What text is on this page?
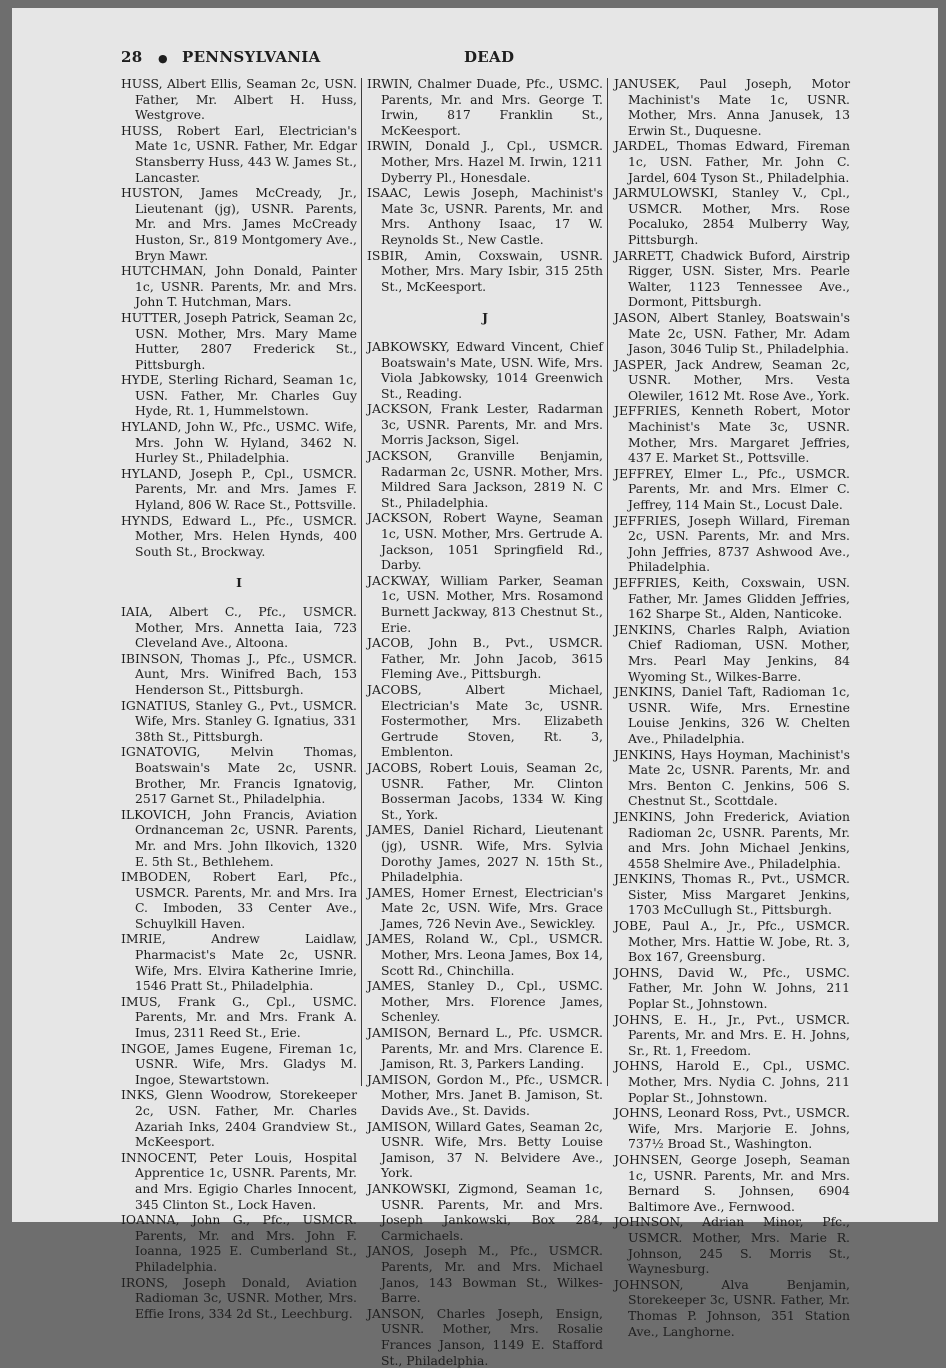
28 ● PENNSYLVANIA	DEAD

HUSS, Albert Ellis, Seaman 2c, USN. Father, Mr. Albert H. Huss, Westgrove.

HUSS, Robert Earl, Electrician's Mate 1c, USNR. Father, Mr. Edgar Stansberry Huss, 443 W. James St., Lancaster.

HUSTON, James McCready, Jr., Lieutenant (jg), USNR. Parents, Mr. and Mrs. James McCready Huston, Sr., 819 Montgomery Ave., Bryn Mawr.

HUTCHMAN, John Donald, Painter 1c, USNR. Parents, Mr. and Mrs. John T. Hutchman, Mars.

HUTTER, Joseph Patrick, Seaman 2c, USN. Mother, Mrs. Mary Mame Hutter, 2807 Frederick St., Pittsburgh.

HYDE, Sterling Richard, Seaman 1c, USN. Father, Mr. Charles Guy Hyde, Rt. 1, Hummelstown.

HYLAND, John W., Pfc., USMC. Wife, Mrs. John W. Hyland, 3462 N. Hurley St., Philadelphia.

HYLAND, Joseph P., Cpl., USMCR. Parents, Mr. and Mrs. James F. Hyland, 806 W. Race St., Pottsville.

HYNDS, Edward L., Pfc., USMCR. Mother, Mrs. Helen Hynds, 400 South St., Brockway.

I

IAIA, Albert C., Pfc., USMCR. Mother, Mrs. Annetta Iaia, 723 Cleveland Ave., Altoona.

IBINSON, Thomas J., Pfc., USMCR. Aunt, Mrs. Winifred Bach, 153 Henderson St., Pittsburgh.

IGNATIUS, Stanley G., Pvt., USMCR. Wife, Mrs. Stanley G. Ignatius, 331 38th St., Pittsburgh.

IGNATOVIG, Melvin Thomas, Boatswain's Mate 2c, USNR. Brother, Mr. Francis Ignatovig, 2517 Garnet St., Philadelphia.

ILKOVICH, John Francis, Aviation Ordnanceman 2c, USNR. Parents, Mr. and Mrs. John Ilkovich, 1320 E. 5th St., Bethlehem.

IMBODEN, Robert Earl, Pfc., USMCR. Parents, Mr. and Mrs. Ira C. Imboden, 33 Center Ave., Schuylkill Haven.

IMRIE, Andrew Laidlaw, Pharmacist's Mate 2c, USNR. Wife, Mrs. Elvira Katherine Imrie, 1546 Pratt St., Philadelphia.

IMUS, Frank G., Cpl., USMC. Parents, Mr. and Mrs. Frank A. Imus, 2311 Reed St., Erie.

INGOE, James Eugene, Fireman 1c, USNR. Wife, Mrs. Gladys M. Ingoe, Stewartstown.

INKS, Glenn Woodrow, Storekeeper 2c, USN. Father, Mr. Charles Azariah Inks, 2404 Grandview St., McKeesport.

INNOCENT, Peter Louis, Hospital Apprentice 1c, USNR. Parents, Mr. and Mrs. Egigio Charles Innocent, 345 Clinton St., Lock Haven.

IOANNA, John G., Pfc., USMCR. Parents, Mr. and Mrs. John F. Ioanna, 1925 E. Cumberland St., Philadelphia.

IRONS, Joseph Donald, Aviation Radioman 3c, USNR. Mother, Mrs. Effie Irons, 334 2d St., Leechburg.

IRWIN, Chalmer Duade, Pfc., USMC. Parents, Mr. and Mrs. George T. Irwin, 817 Franklin St., McKeesport.

IRWIN, Donald J., Cpl., USMCR. Mother, Mrs. Hazel M. Irwin, 1211 Dyberry Pl., Honesdale.

ISAAC, Lewis Joseph, Machinist's Mate 3c, USNR. Parents, Mr. and Mrs. Anthony Isaac, 17 W. Reynolds St., New Castle.

ISBIR, Amin, Coxswain, USNR. Mother, Mrs. Mary Isbir, 315 25th St., McKeesport.

J

JABKOWSKY, Edward Vincent, Chief Boatswain's Mate, USN. Wife, Mrs. Viola Jabkowsky, 1014 Greenwich St., Reading.

JACKSON, Frank Lester, Radarman 3c, USNR. Parents, Mr. and Mrs. Morris Jackson, Sigel.

JACKSON, Granville Benjamin, Radarman 2c, USNR. Mother, Mrs. Mildred Sara Jackson, 2819 N. C St., Philadelphia.

JACKSON, Robert Wayne, Seaman 1c, USN. Mother, Mrs. Gertrude A. Jackson, 1051 Springfield Rd., Darby.

JACKWAY, William Parker, Seaman 1c, USN. Mother, Mrs. Rosamond Burnett Jackway, 813 Chestnut St., Erie.

JACOB, John B., Pvt., USMCR. Father, Mr. John Jacob, 3615 Fleming Ave., Pittsburgh.

JACOBS, Albert Michael, Electrician's Mate 3c, USNR. Fostermother, Mrs. Elizabeth Gertrude Stoven, Rt. 3, Emblenton.

JACOBS, Robert Louis, Seaman 2c, USNR. Father, Mr. Clinton Bosserman Jacobs, 1334 W. King St., York.

JAMES, Daniel Richard, Lieutenant (jg), USNR. Wife, Mrs. Sylvia Dorothy James, 2027 N. 15th St., Philadelphia.

JAMES, Homer Ernest, Electrician's Mate 2c, USN. Wife, Mrs. Grace James, 726 Nevin Ave., Sewickley.

JAMES, Roland W., Cpl., USMCR. Mother, Mrs. Leona James, Box 14, Scott Rd., Chinchilla.

JAMES, Stanley D., Cpl., USMC. Mother, Mrs. Florence James, Schenley.

JAMISON, Bernard L., Pfc. USMCR. Parents, Mr. and Mrs. Clarence E. Jamison, Rt. 3, Parkers Landing.

JAMISON, Gordon M., Pfc., USMCR. Mother, Mrs. Janet B. Jamison, St. Davids Ave., St. Davids.

JAMISON, Willard Gates, Seaman 2c, USNR. Wife, Mrs. Betty Louise Jamison, 37 N. Belvidere Ave., York.

JANKOWSKI, Zigmond, Seaman 1c, USNR. Parents, Mr. and Mrs. Joseph Jankowski, Box 284, Carmichaels.

JANOS, Joseph M., Pfc., USMCR. Parents, Mr. and Mrs. Michael Janos, 143 Bowman St., Wilkes-Barre.

JANSON, Charles Joseph, Ensign, USNR. Mother, Mrs. Rosalie Frances Janson, 1149 E. Stafford St., Philadelphia.

JANUSEK, Paul Joseph, Motor Machinist's Mate 1c, USNR. Mother, Mrs. Anna Janusek, 13 Erwin St., Duquesne.

JARDEL, Thomas Edward, Fireman 1c, USN. Father, Mr. John C. Jardel, 604 Tyson St., Philadelphia.

JARMULOWSKI, Stanley V., Cpl., USMCR. Mother, Mrs. Rose Pocaluko, 2854 Mulberry Way, Pittsburgh.

JARRETT, Chadwick Buford, Airstrip Rigger, USN. Sister, Mrs. Pearle Walter, 1123 Tennessee Ave., Dormont, Pittsburgh.

JASON, Albert Stanley, Boatswain's Mate 2c, USN. Father, Mr. Adam Jason, 3046 Tulip St., Philadelphia.

JASPER, Jack Andrew, Seaman 2c, USNR. Mother, Mrs. Vesta Olewiler, 1612 Mt. Rose Ave., York.

JEFFRIES, Kenneth Robert, Motor Machinist's Mate 3c, USNR. Mother, Mrs. Margaret Jeffries, 437 E. Market St., Pottsville.

JEFFREY, Elmer L., Pfc., USMCR. Parents, Mr. and Mrs. Elmer C. Jeffrey, 114 Main St., Locust Dale.

JEFFRIES, Joseph Willard, Fireman 2c, USN. Parents, Mr. and Mrs. John Jeffries, 8737 Ashwood Ave., Philadelphia.

JEFFRIES, Keith, Coxswain, USN. Father, Mr. James Glidden Jeffries, 162 Sharpe St., Alden, Nanticoke.

JENKINS, Charles Ralph, Aviation Chief Radioman, USN. Mother, Mrs. Pearl May Jenkins, 84 Wyoming St., Wilkes-Barre.

JENKINS, Daniel Taft, Radioman 1c, USNR. Wife, Mrs. Ernestine Louise Jenkins, 326 W. Chelten Ave., Philadelphia.

JENKINS, Hays Hoyman, Machinist's Mate 2c, USNR. Parents, Mr. and Mrs. Benton C. Jenkins, 506 S. Chestnut St., Scottdale.

JENKINS, John Frederick, Aviation Radioman 2c, USNR. Parents, Mr. and Mrs. John Michael Jenkins, 4558 Shelmire Ave., Philadelphia.

JENKINS, Thomas R., Pvt., USMCR. Sister, Miss Margaret Jenkins, 1703 McCullugh St., Pittsburgh.

JOBE, Paul A., Jr., Pfc., USMCR. Mother, Mrs. Hattie W. Jobe, Rt. 3, Box 167, Greensburg.

JOHNS, David W., Pfc., USMC. Father, Mr. John W. Johns, 211 Poplar St., Johnstown.

JOHNS, E. H., Jr., Pvt., USMCR. Parents, Mr. and Mrs. E. H. Johns, Sr., Rt. 1, Freedom.

JOHNS, Harold E., Cpl., USMC. Mother, Mrs. Nydia C. Johns, 211 Poplar St., Johnstown.

JOHNS, Leonard Ross, Pvt., USMCR. Wife, Mrs. Marjorie E. Johns, 737½ Broad St., Washington.

JOHNSEN, George Joseph, Seaman 1c, USNR. Parents, Mr. and Mrs. Bernard S. Johnsen, 6904 Baltimore Ave., Fernwood.

JOHNSON, Adrian Minor, Pfc., USMCR. Mother, Mrs. Marie R. Johnson, 245 S. Morris St., Waynesburg.

JOHNSON, Alva Benjamin, Storekeeper 3c, USNR. Father, Mr. Thomas P. Johnson, 351 Station Ave., Langhorne.
